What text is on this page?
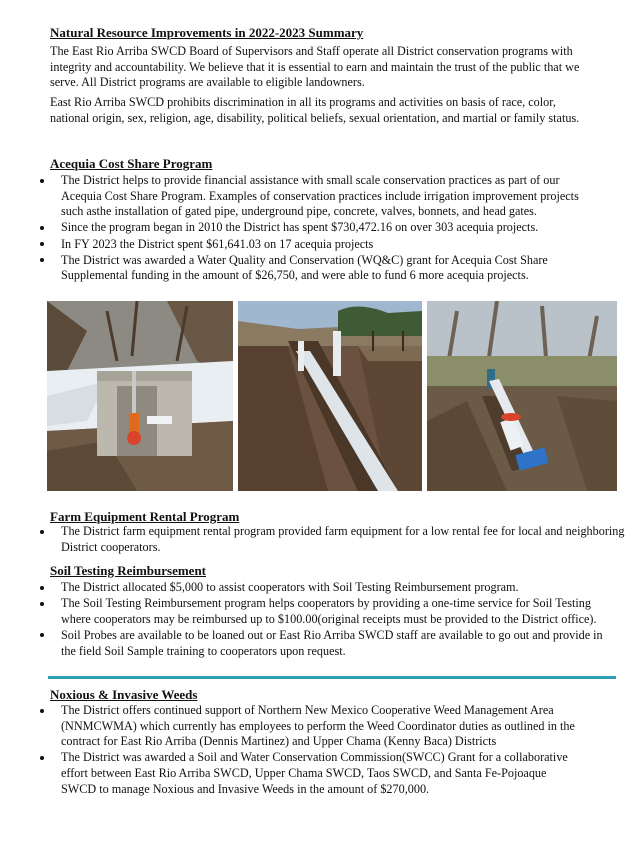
Natural Resource Improvements in 2022-2023 Summary
The East Rio Arriba SWCD Board of Supervisors and Staff operate all District conservation programs with integrity and accountability. We believe that it is essential to earn and maintain the trust of the public that we serve. All District programs are available to eligible landowners.
East Rio Arriba SWCD prohibits discrimination in all its programs and activities on basis of race, color, national origin, sex, religion, age, disability, political beliefs, sexual orientation, and martial or family status.
Acequia Cost Share Program
The District helps to provide financial assistance with small scale conservation practices as part of our Acequia Cost Share Program. Examples of conservation practices include irrigation improvement projects such asthe installation of gated pipe, underground pipe, concrete, valves, bonnets, and head gates.
Since the program began in 2010 the District has spent $730,472.16 on over 303 acequia projects.
In FY 2023 the District spent $61,641.03 on 17 acequia projects
The District was awarded a Water Quality and Conservation (WQ&C) grant for Acequia Cost Share Supplemental funding in the amount of $26,750, and were able to fund 6 more acequia projects.
Farm Equipment Rental Program
The District farm equipment rental program provided farm equipment for a low rental fee for local and neighboring District cooperators.
Soil Testing Reimbursement
The District allocated $5,000 to assist cooperators with Soil Testing Reimbursement program.
The Soil Testing Reimbursement program helps cooperators by providing a one-time service for Soil Testing where cooperators may be reimbursed up to $100.00(original receipts must be provided to the District office).
Soil Probes are available to be loaned out or East Rio Arriba SWCD staff are available to go out and provide in the field Soil Sample training to cooperators upon request.
Noxious & Invasive Weeds
The District offers continued support of Northern New Mexico Cooperative Weed Management Area (NNMCWMA) which currently has employees to perform the Weed Coordinator duties as outlined in the contract for East Rio Arriba (Dennis Martinez) and Upper Chama (Kenny Baca) Districts
The District was awarded a Soil and Water Conservation Commission(SWCC) Grant for a collaborative effort between East Rio Arriba SWCD, Upper Chama SWCD, Taos SWCD, and Santa Fe-Pojoaque SWCD to manage Noxious and Invasive Weeds in the amount of $270,000.
